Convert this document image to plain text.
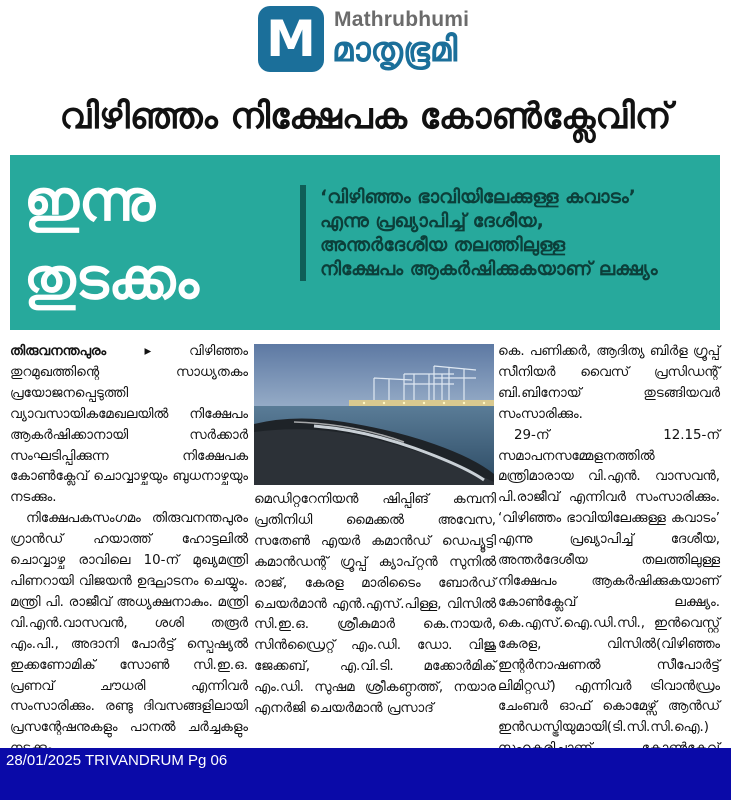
M Mathrubhumi
മാതൃഭൂമി
വിഴിഞ്ഞം നിക്ഷേപക കോൺക്ലേവിന്
ഇന്നു
തുടക്കം
‘വിഴിഞ്ഞം ഭാവിയിലേക്കുള്ള കവാടം’
എന്നു പ്രഖ്യാപിച്ച് ദേശീയ,
അന്തർദേശീയ തലത്തിലുള്ള
നിക്ഷേപം ആകർഷിക്കുകയാണ് ലക്ഷ്യം

തിരുവനന്തപുരം ▸	വിഴിഞ്ഞം തുറമുഖത്തിന്റെ സാധ്യതകം പ്രയോജനപ്പെടുത്തി വ്യാവസായികമേഖലയിൽ നിക്ഷേപം ആകർഷിക്കാനായി സർക്കാർ സംഘടിപ്പിക്കുന്ന നിക്ഷേപക കോൺക്ലേവ് ചൊവ്വാഴ്ചയും ബുധനാഴ്ചയും നടക്കും.

നിക്ഷേപകസംഗമം തിരുവനന്തപുരം ഗ്രാൻഡ് ഹയാത്ത് ഹോട്ടലിൽ ചൊവ്വാഴ്ച രാവിലെ 10-ന് മുഖ്യമന്ത്രി പിണറായി വിജയൻ ഉദ്ഘാടനം ചെയ്യും. മന്ത്രി പി. രാജീവ് അധ്യക്ഷനാകും. മന്ത്രി വി.എൻ.വാസവൻ, ശശി തരൂർ എം.പി., അദാനി പോർട്ട് സ്പെഷ്യൽ ഇക്കണോമിക് സോൺ സി.ഇ.ഒ. പ്രണവ് ചൗധരി എന്നിവർ സംസാരിക്കും. രണ്ടു ദിവസങ്ങളിലായി പ്രസന്റേഷനുകളും പാനൽ ചർച്ചകളും

മെഡിറ്ററേനിയൻ ഷിപ്പിങ് കമ്പനി പ്രതിനിധി മൈക്കൽ അവേസ, സതേൺ എയർ കമാൻഡ് ഡെപ്യൂട്ടി കമാൻഡന്റ് ഗ്രൂപ്പ് ക്യാപ്റ്റൻ സുനിൽ രാജ്, കേരള മാരിടൈം ബോർഡ് ചെയർമാൻ എൻ.എസ്.പിള്ള, വിസിൽ സി.ഇ.ഒ. ശ്രീകുമാർ കെ.നായർ, സിൻഡ്രൈറ്റ് എം.ഡി. ഡോ. വിജു ജേക്കബ്, എ.വി.ടി. മക്കോർമിക് എം.ഡി. സുഷമ ശ്രീകണ്ഠത്ത്, നയാര എനർജി ചെയർമാൻ പ്രസാദ്

കെ. പണിക്കർ, ആദിത്യ ബിർള ഗ്രൂപ്പ് സീനിയർ വൈസ് പ്രസിഡന്റ് ബി.ബിനോയ് തുടങ്ങിയവർ സംസാരിക്കും.

29-ന് 12.15-ന് സമാപനസമ്മേളനത്തിൽ മന്ത്രിമാരായ വി.എൻ. വാസവൻ, പി.രാജീവ് എന്നിവർ സംസാരിക്കും. ‘വിഴിഞ്ഞം ഭാവിയിലേക്കുള്ള കവാടം’ എന്നു പ്രഖ്യാപിച്ച് ദേശീയ, അന്തർദേശീയ തലത്തിലുള്ള നിക്ഷേപം ആകർഷിക്കുകയാണ് കോൺക്ലേവ് ലക്ഷ്യം. കെ.എസ്.ഐ.ഡി.സി., ഇൻവെസ്റ്റ് കേരള, വിസിൽ(വിഴിഞ്ഞം ഇന്റർനാഷണൽ സീപോർട്ട് ലിമിറ്റഡ്) എന്നിവർ ട്രിവാൻഡ്രം ചേംബർ ഓഫ് കൊമേഴ്സ് ആൻഡ് ഇൻഡസ്ട്രിയുമായി(ടി.സി.സി.ഐ.)

28/01/2025 TRIVANDRUM Pg 06
